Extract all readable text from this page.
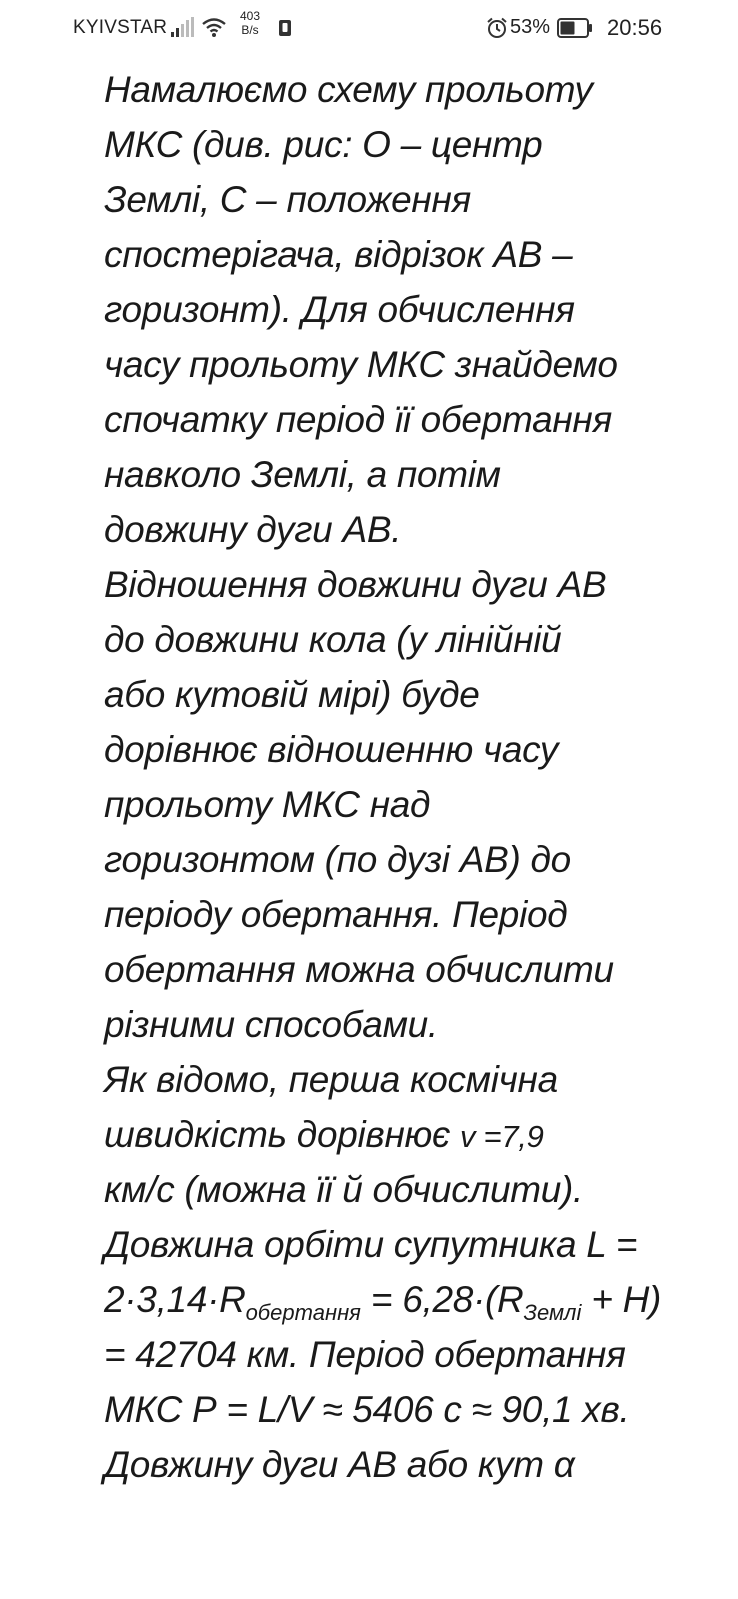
KYIVSTAR
403
B/s	53%	20:56
Намалюємо схему прольоту
МКС (див. рис: О – центр
Землі, С – положення
спостерігача, відрізок АВ –
горизонт). Для обчислення
часу прольоту МКС знайдемо
спочатку період її обертання
навколо Землі, а потім
довжину дуги АВ.
Відношення довжини дуги АВ
до довжини кола (у лінійній
або кутовій мірі) буде
дорівнює відношенню часу
прольоту МКС над
горизонтом (по дузі АВ) до
періоду обертання. Період
обертання можна обчислити
різними способами.
Як відомо, перша космічна
швидкість дорівнює v =7,9
км/с (можна її й обчислити).
Довжина орбіти супутника L =
$2\cdot 3,14\cdot R_{обертання} = 6,28\cdot(R_{Землі} + Н)$
= 42704 км. Період обертання
МКС Р = L/V ≈ 5406 с ≈ 90,1 хв.
Довжину дуги АВ або кут α
